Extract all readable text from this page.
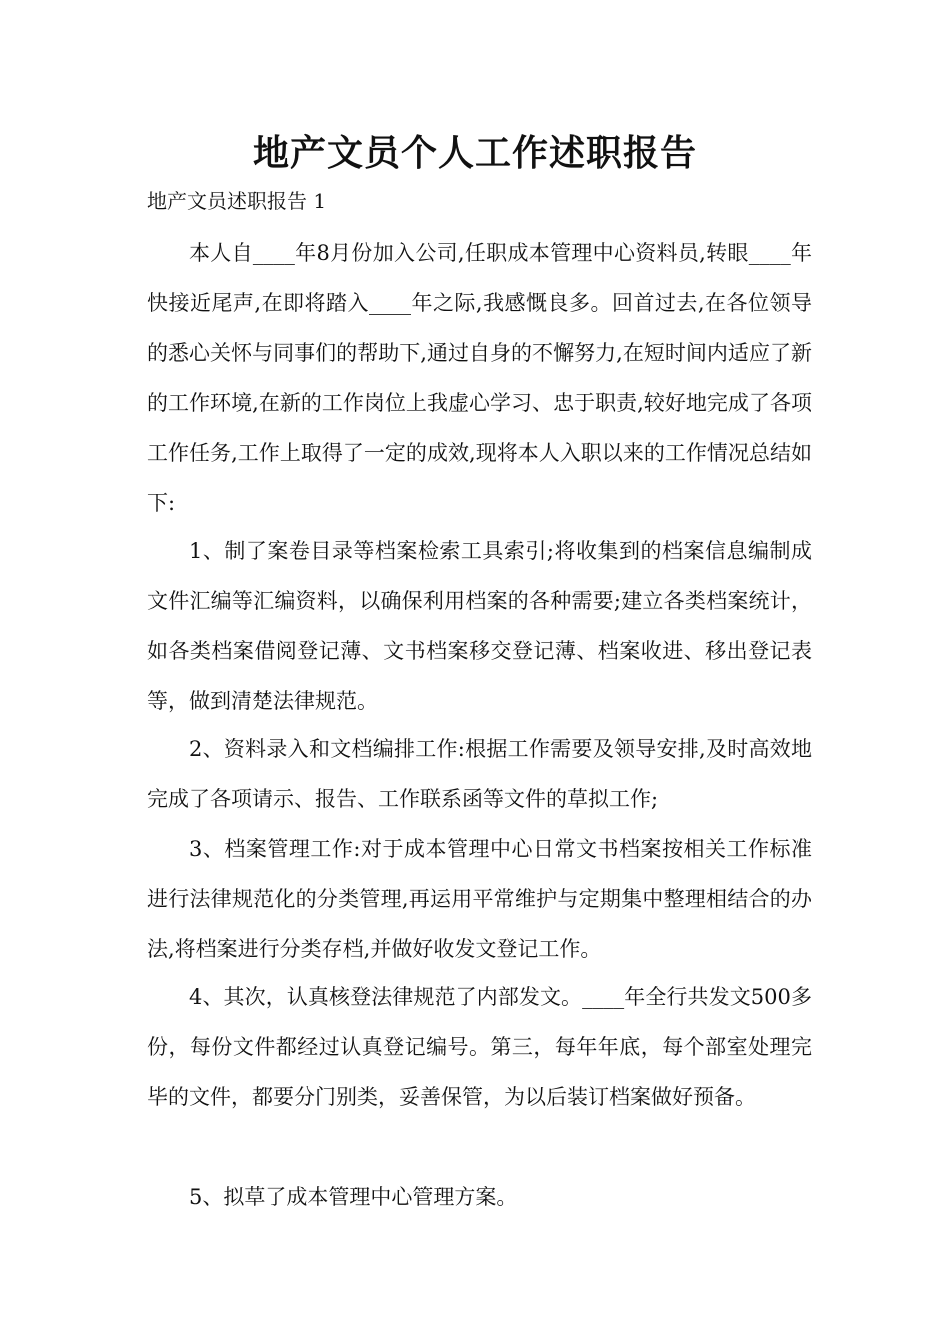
地产文员个人工作述职报告
地产文员述职报告 1

本人自____年8月份加入公司,任职成本管理中心资料员,转眼____年快接近尾声,在即将踏入____年之际,我感慨良多。回首过去,在各位领导的悉心关怀与同事们的帮助下,通过自身的不懈努力,在短时间内适应了新的工作环境,在新的工作岗位上我虚心学习、忠于职责,较好地完成了各项工作任务,工作上取得了一定的成效,现将本人入职以来的工作情况总结如下:

1、制了案卷目录等档案检索工具索引;将收集到的档案信息编制成文件汇编等汇编资料，以确保利用档案的各种需要;建立各类档案统计，如各类档案借阅登记薄、文书档案移交登记薄、档案收进、移出登记表等，做到清楚法律规范。

2、资料录入和文档编排工作:根据工作需要及领导安排,及时高效地完成了各项请示、报告、工作联系函等文件的草拟工作;

3、档案管理工作:对于成本管理中心日常文书档案按相关工作标准进行法律规范化的分类管理,再运用平常维护与定期集中整理相结合的办法,将档案进行分类存档,并做好收发文登记工作。

4、其次，认真核登法律规范了内部发文。____年全行共发文500多份，每份文件都经过认真登记编号。第三，每年年底，每个部室处理完毕的文件，都要分门别类，妥善保管，为以后装订档案做好预备。

5、拟草了成本管理中心管理方案。
